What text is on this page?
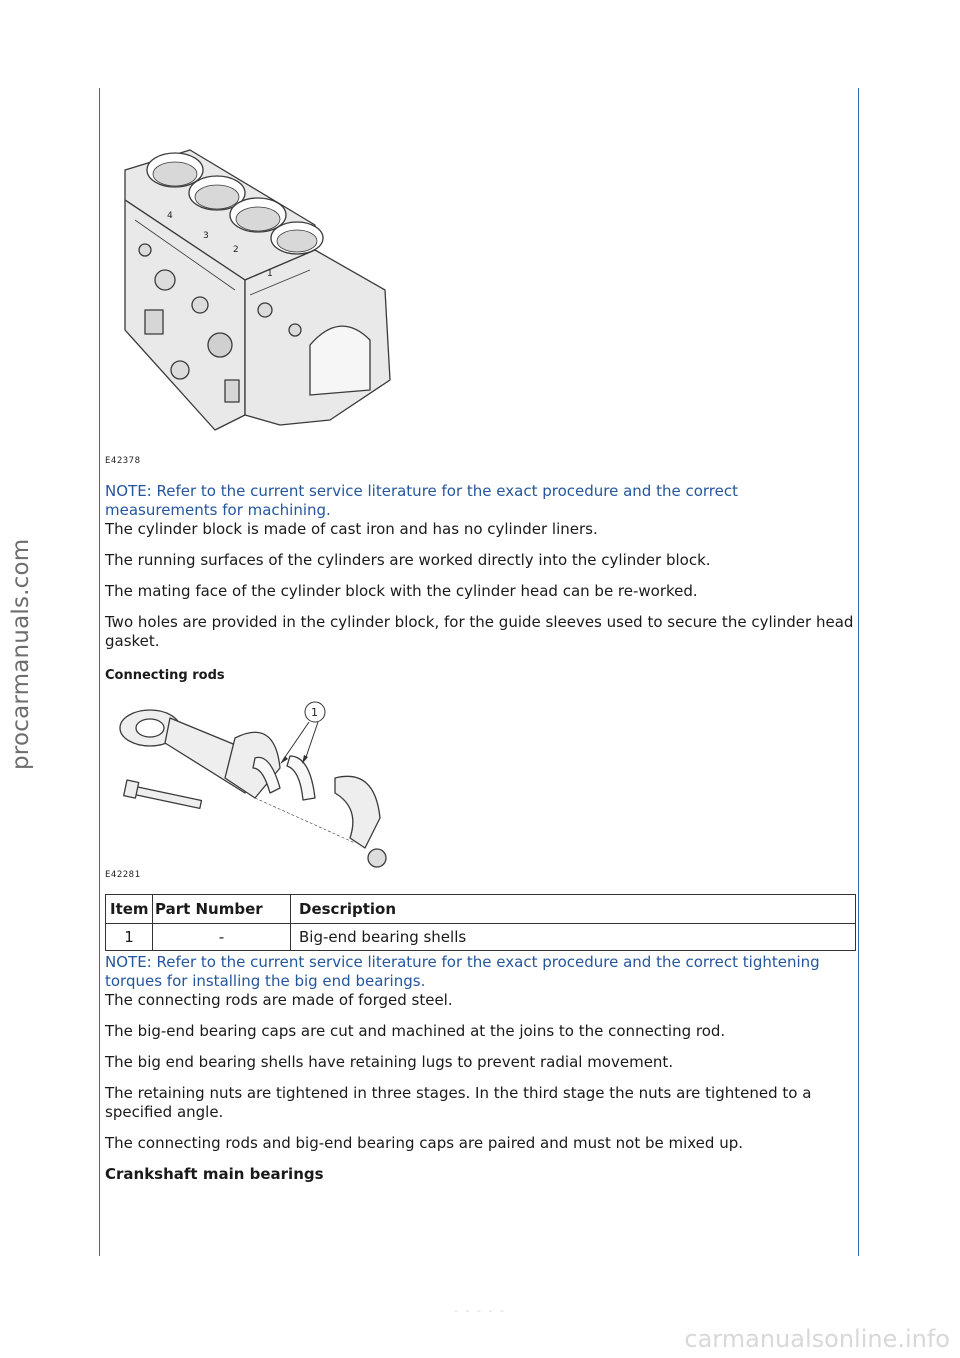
procarmanuals.com
carmanualsonline.info
- - - - -
4
3
2
1
E42378

NOTE: Refer to the current service literature for the exact procedure and the correct measurements for machining.

The cylinder block is made of cast iron and has no cylinder liners.

The running surfaces of the cylinders are worked directly into the cylinder block.

The mating face of the cylinder block with the cylinder head can be re-worked.

Two holes are provided in the cylinder block, for the guide sleeves used to secure the cylinder head gasket.

Connecting rods
1
E42281
Item	Part Number	Description
1	-	Big-end bearing shells

NOTE: Refer to the current service literature for the exact procedure and the correct tightening torques for installing the big end bearings.

The connecting rods are made of forged steel.

The big-end bearing caps are cut and machined at the joins to the connecting rod.

The big end bearing shells have retaining lugs to prevent radial movement.

The retaining nuts are tightened in three stages. In the third stage the nuts are tightened to a specified angle.

The connecting rods and big-end bearing caps are paired and must not be mixed up.

Crankshaft main bearings
